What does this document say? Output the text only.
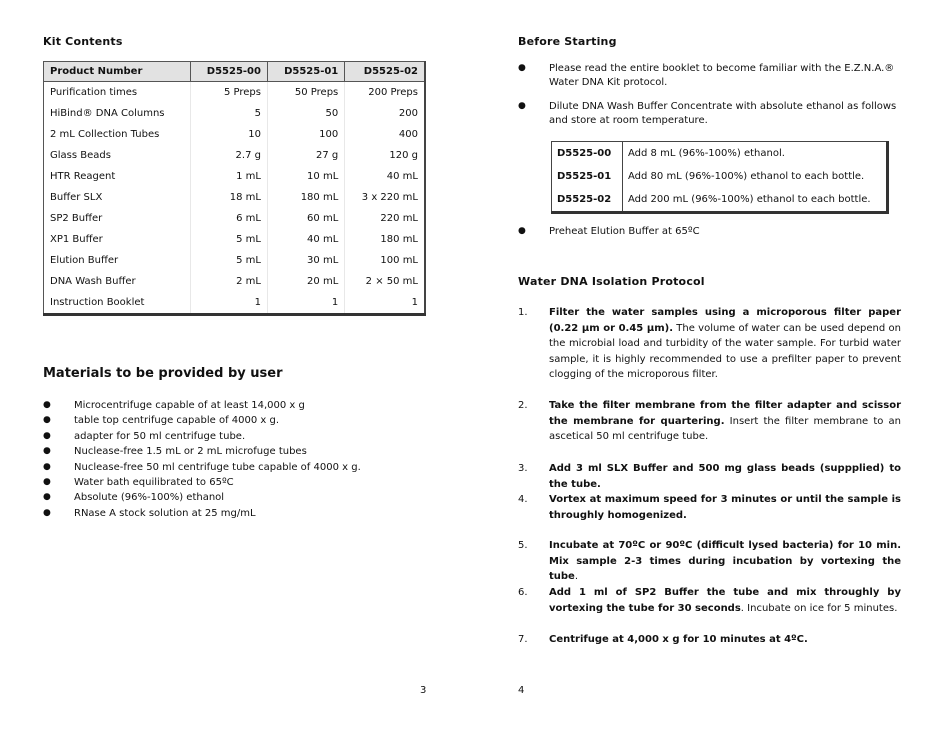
Kit Contents
Product Number	D5525-00	D5525-01	D5525-02
Purification times	5 Preps	50 Preps	200 Preps
HiBind® DNA Columns	5	50	200
2 mL Collection Tubes	10	100	400
Glass Beads	2.7 g	27 g	120 g
HTR Reagent	1 mL	10 mL	40 mL
Buffer SLX	18 mL	180 mL	3 x 220 mL
SP2 Buffer	6 mL	60 mL	220 mL
XP1 Buffer	5 mL	40 mL	180 mL
Elution Buffer	5 mL	30 mL	100 mL
DNA Wash Buffer	2 mL	20 mL	2 × 50 mL
Instruction Booklet	1	1	1
Materials to be provided by user
● Microcentrifuge capable of at least 14,000 x g
● table top centrifuge capable of 4000 x g.
● adapter for 50 ml centrifuge tube.
● Nuclease-free 1.5 mL or 2 mL microfuge tubes
● Nuclease-free 50 ml centrifuge tube capable of 4000 x g.
● Water bath equilibrated to 65ºC
● Absolute (96%-100%) ethanol
● RNase A stock solution at 25 mg/mL
3
Before Starting
● Please read the entire booklet to become familiar with the E.Z.N.A.® Water DNA Kit protocol.
● Dilute DNA Wash Buffer Concentrate with absolute ethanol as follows and store at room temperature.
D5525-00	Add 8 mL (96%-100%) ethanol.
D5525-01	Add 80 mL (96%-100%) ethanol to each bottle.
D5525-02	Add 200 mL (96%-100%) ethanol to each bottle.
● Preheat Elution Buffer at 65ºC
Water DNA Isolation Protocol
1. Filter the water samples using a microporous filter paper (0.22 µm or 0.45 µm). The volume of water can be used depend on the microbial load and turbidity of the water sample. For turbid water sample, it is highly recommended to use a prefilter paper to prevent clogging of the microporous filter.
2. Take the filter membrane from the filter adapter and scissor the membrane for quartering. Insert the filter membrane to an ascetical 50 ml centrifuge tube.
3. Add 3 ml SLX Buffer and 500 mg glass beads (suppplied) to the tube.
4. Vortex at maximum speed for 3 minutes or until the sample is throughly homogenized.
5. Incubate at 70ºC or 90ºC (difficult lysed bacteria) for 10 min. Mix sample 2-3 times during incubation by vortexing the tube.
6. Add 1 ml of SP2 Buffer the tube and mix throughly by vortexing the tube for 30 seconds. Incubate on ice for 5 minutes.
7. Centrifuge at 4,000 x g for 10 minutes at 4ºC.
4
